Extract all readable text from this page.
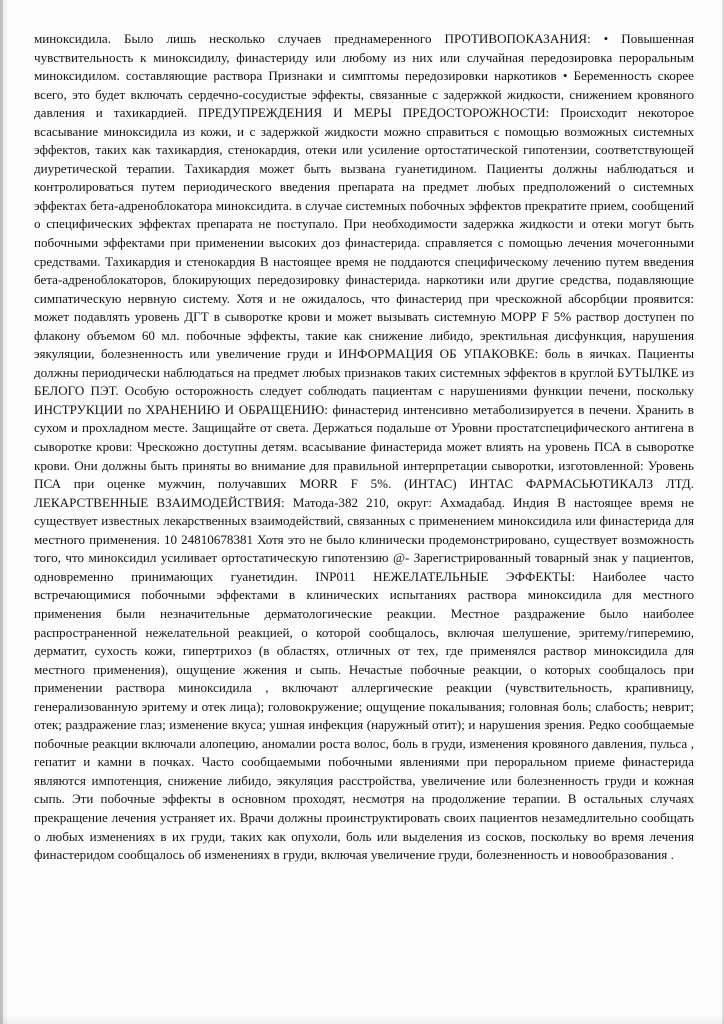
миноксидила. Было лишь несколько случаев преднамеренного ПРОТИВОПОКАЗАНИЯ: • Повышенная чувствительность к миноксидилу, финастериду или любому из них или случайная передозировка пероральным миноксидилом. составляющие раствора Признаки и симптомы передозировки наркотиков • Беременность скорее всего, это будет включать сердечно-сосудистые эффекты, связанные с задержкой жидкости, снижением кровяного давления и тахикардией. ПРЕДУПРЕЖДЕНИЯ И МЕРЫ ПРЕДОСТОРОЖНОСТИ: Происходит некоторое всасывание миноксидила из кожи, и с задержкой жидкости можно справиться с помощью возможных системных эффектов, таких как тахикардия, стенокардия, отеки или усиление ортостатической гипотензии, соответствующей диуретической терапии. Тахикардия может быть вызвана гуанетидином. Пациенты должны наблюдаться и контролироваться путем периодического введения препарата на предмет любых предположений о системных эффектах бета-адреноблокатора миноксидита. в случае системных побочных эффектов прекратите прием, сообщений о специфических эффектах препарата не поступало. При необходимости задержка жидкости и отеки могут быть побочными эффектами при применении высоких доз финастерида. справляется с помощью лечения мочегонными средствами. Тахикардия и стенокардия В настоящее время не поддаются специфическому лечению путем введения бета-адреноблокаторов, блокирующих передозировку финастерида. наркотики или другие средства, подавляющие симпатическую нервную систему. Хотя и не ожидалось, что финастерид при чрескожной абсорбции проявится: может подавлять уровень ДГТ в сыворотке крови и может вызывать системную МОРР F 5% раствор доступен по флакону объемом 60 мл. побочные эффекты, такие как снижение либидо, эректильная дисфункция, нарушения эякуляции, болезненность или увеличение груди и ИНФОРМАЦИЯ ОБ УПАКОВКЕ: боль в яичках. Пациенты должны периодически наблюдаться на предмет любых признаков таких системных эффектов в круглой БУТЫЛКЕ из БЕЛОГО ПЭТ. Особую осторожность следует соблюдать пациентам с нарушениями функции печени, поскольку ИНСТРУКЦИИ по ХРАНЕНИЮ И ОБРАЩЕНИЮ: финастерид интенсивно метаболизируется в печени. Хранить в сухом и прохладном месте. Защищайте от света. Держаться подальше от Уровни простатспецифического антигена в сыворотке крови: Чрескожно доступны детям. всасывание финастерида может влиять на уровень ПСА в сыворотке крови. Они должны быть приняты во внимание для правильной интерпретации сыворотки, изготовленной: Уровень ПСА при оценке мужчин, получавших MORR F 5%. (ИНТАС) ИНТАС ФАРМАСЬЮТИКАЛЗ ЛТД. ЛЕКАРСТВЕННЫЕ ВЗАИМОДЕЙСТВИЯ: Матода-382 210, округ: Ахмадабад. Индия В настоящее время не существует известных лекарственных взаимодействий, связанных с применением миноксидила или финастерида для местного применения. 10 24810678381 Хотя это не было клинически продемонстрировано, существует возможность того, что миноксидил усиливает ортостатическую гипотензию @- Зарегистрированный товарный знак у пациентов, одновременно принимающих гуанетидин. INP011 НЕЖЕЛАТЕЛЬНЫЕ ЭФФЕКТЫ: Наиболее часто встречающимися побочными эффектами в клинических испытаниях раствора миноксидила для местного применения были незначительные дерматологические реакции. Местное раздражение было наиболее распространенной нежелательной реакцией, о которой сообщалось, включая шелушение, эритему/гиперемию, дерматит, сухость кожи, гипертрихоз (в областях, отличных от тех, где применялся раствор миноксидила для местного применения), ощущение жжения и сыпь. Нечастые побочные реакции, о которых сообщалось при применении раствора миноксидила , включают аллергические реакции (чувствительность, крапивницу, генерализованную эритему и отек лица); головокружение; ощущение покалывания; головная боль; слабость; неврит; отек; раздражение глаз; изменение вкуса; ушная инфекция (наружный отит); и нарушения зрения. Редко сообщаемые побочные реакции включали алопецию, аномалии роста волос, боль в груди, изменения кровяного давления, пульса , гепатит и камни в почках. Часто сообщаемыми побочными явлениями при пероральном приеме финастерида являются импотенция, снижение либидо, эякуляция расстройства, увеличение или болезненность груди и кожная сыпь. Эти побочные эффекты в основном проходят, несмотря на продолжение терапии. В остальных случаях прекращение лечения устраняет их. Врачи должны проинструктировать своих пациентов незамедлительно сообщать о любых изменениях в их груди, таких как опухоли, боль или выделения из сосков, поскольку во время лечения финастеридом сообщалось об изменениях в груди, включая увеличение груди, болезненность и новообразования .
